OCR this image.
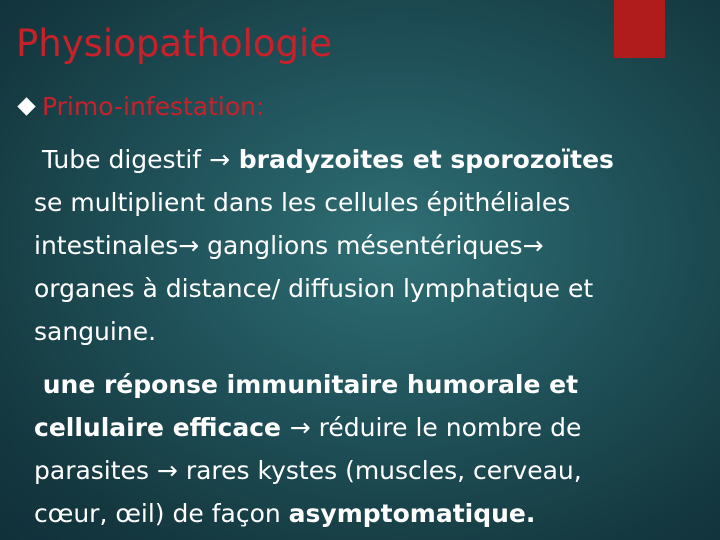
Physiopathologie
Primo-infestation:
Tube digestif → bradyzoites et sporozoïtes
se multiplient dans les cellules épithéliales
intestinales→ ganglions mésentériques→
organes à distance/ diffusion lymphatique et
sanguine.
une réponse immunitaire humorale et
cellulaire efficace → réduire le nombre de
parasites → rares kystes (muscles, cerveau,
cœur, œil) de façon asymptomatique.
